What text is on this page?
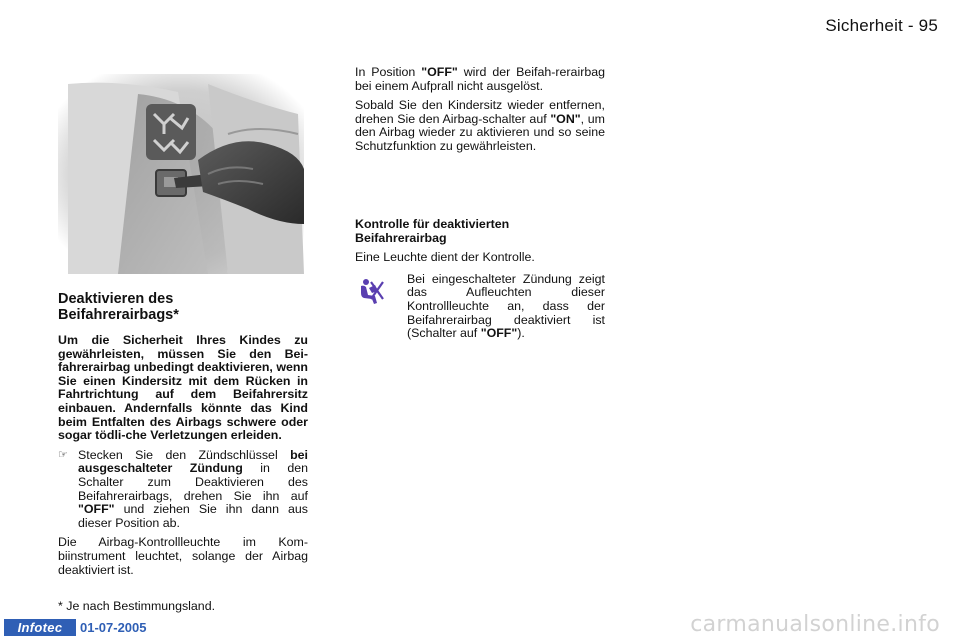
Sicherheit - 95
Deaktivieren des
Beifahrerairbags*
Um die Sicherheit Ihres Kindes zu gewährleisten, müssen Sie den Bei-fahrerairbag unbedingt deaktivieren, wenn Sie einen Kindersitz mit dem Rücken in Fahrtrichtung auf dem Beifahrersitz einbauen. Andernfalls könnte das Kind beim Entfalten des Airbags schwere oder sogar tödli-che Verletzungen erleiden.
☞ Stecken Sie den Zündschlüssel bei ausgeschalteter Zündung in den Schalter zum Deaktivieren des Beifahrerairbags, drehen Sie ihn auf "OFF" und ziehen Sie ihn dann aus dieser Position ab.
Die Airbag-Kontrollleuchte im Kom-biinstrument leuchtet, solange der Airbag deaktiviert ist.
* Je nach Bestimmungsland.

In Position "OFF" wird der Beifah-rerairbag bei einem Aufprall nicht ausgelöst.

Sobald Sie den Kindersitz wieder entfernen, drehen Sie den Airbag-schalter auf "ON", um den Airbag wieder zu aktivieren und so seine Schutzfunktion zu gewährleisten.

Kontrolle für deaktivierten
Beifahrerairbag
Eine Leuchte dient der Kontrolle.
Bei eingeschalteter Zündung zeigt das Aufleuchten dieser Kontrollleuchte an, dass der Beifahrerairbag deaktiviert ist (Schalter auf "OFF").
Infotec	01-07-2005	carmanualsonline.info
